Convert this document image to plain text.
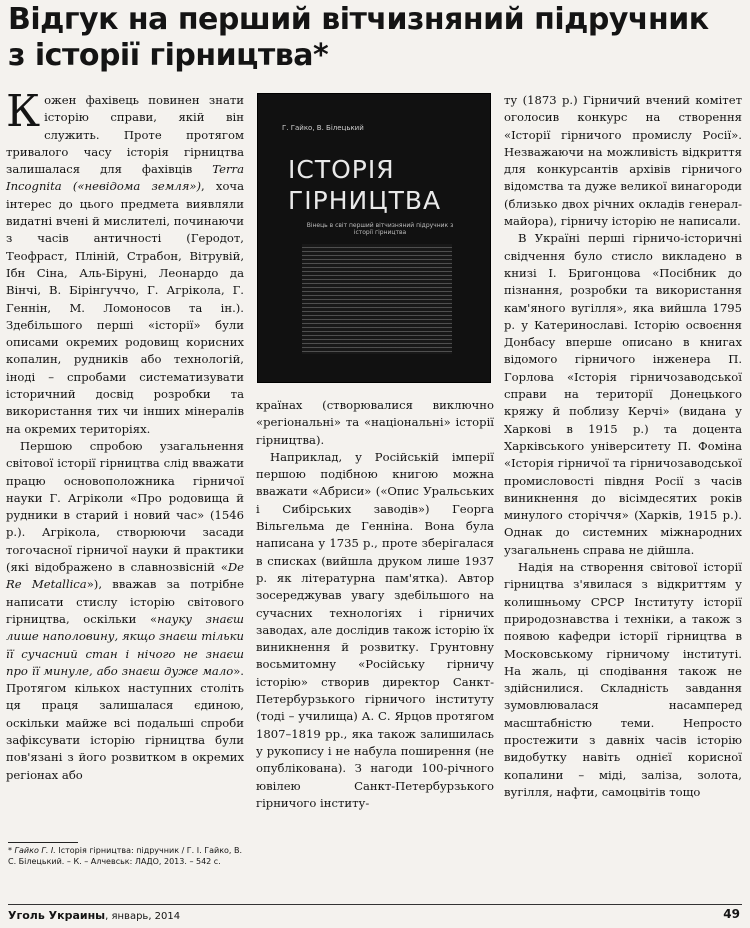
Відгук на перший вітчизняний підручник
з історії гірництва*

Кожен фахівець повинен знати історію справи, якій він служить. Проте протягом тривалого часу історія гірництва залишалася для фахівців Terra Incognita («невідома земля»), хоча інтерес до цього предмета виявляли видатні вчені й мислителі, починаючи з часів античності (Геродот, Теофраст, Пліній, Страбон, Вітрувій, Ібн Сіна, Аль-Біруні, Леонардо да Вінчі, В. Бірінгуччо, Г. Агрікола, Г. Геннін, М. Ломоносов та ін.). Здебільшого перші «історії» були описами окремих родовищ корисних копалин, рудників або технологій, іноді – спробами систематизувати історичний досвід розробки та використання тих чи інших мінералів на окремих територіях.

Першою спробою узагальнення світової історії гірництва слід вважати працю основоположника гірничої науки Г. Агріколи «Про родовища й рудники в старий і новий час» (1546 р.). Агрікола, створюючи засади тогочасної гірничої науки й практики (які відображено в славнозвісній «De Re Metallica»), вважав за потрібне написати стислу історію світового гірництва, оскільки «науку знаєш лише наполовину, якщо знаєш тільки її сучасний стан і нічого не знаєш про її минуле, або знаєш дуже мало». Протягом кількох наступних століть ця праця залишалася єдиною, оскільки майже всі подальші спроби зафіксувати історію гірництва були пов'язані з його розвитком в окремих регіонах або

Г. Гайко, В. Білецький
ІСТОРІЯ
ГІРНИЦТВА
Вінець в світ перший вітчизняний підручник з історії гірництва

країнах (створювалися виключно «регіональні» та «національні» історії гірництва).

Наприклад, у Російській імперії першою подібною книгою можна вважати «Абриси» («Опис Уральських і Сибірських заводів») Георга Вільгельма де Генніна. Вона була написана у 1735 р., проте зберігалася в списках (вийшла друком лише 1937 р. як літературна пам'ятка). Автор зосереджував увагу здебільшого на сучасних технологіях і гірничих заводах, але дослідив також історію їх виникнення й розвитку. Грунтовну восьмитомну «Російську гірничу історію» створив директор Санкт-Петербурзького гірничого інституту (тоді – училища) А. С. Ярцов протягом 1807–1819 рр., яка також залишилась у рукопису і не набула поширення (не опублікована). З нагоди 100-річного ювілею Санкт-Петербурзького гірничого інститу-

ту (1873 р.) Гірничий вчений комітет оголосив конкурс на створення «Історії гірничого промислу Росії». Незважаючи на можливість відкриття для конкурсантів архівів гірничого відомства та дуже великої винагороди (близько двох річних окладів генерал-майора), гірничу історію не написали.

В Україні перші гірничо-історичні свідчення було стисло викладено в книзі І. Бригонцова «Посібник до пізнання, розробки та використання кам'яного вугілля», яка вийшла 1795 р. у Катеринославі. Історію освоєння Донбасу вперше описано в книгах відомого гірничого інженера П. Горлова «Історія гірничозаводської справи на території Донецького кряжу й поблизу Керчі» (видана у Харкові в 1915 р.) та доцента Харківського університету П. Фоміна «Історія гірничої та гірничозаводської промисловості півдня Росії з часів виникнення до вісімдесятих років минулого сторіччя» (Харків, 1915 р.). Однак до системних міжнародних узагальнень справа не дійшла.

Надія на створення світової історії гірництва з'явилася з відкриттям у колишньому СРСР Інституту історії природознавства і техніки, а також з появою кафедри історії гірництва в Московському гірничому інституті. На жаль, ці сподівання також не здійснилися. Складність завдання зумовлювалася насамперед масштабністю теми. Непросто простежити з давніх часів історію видобутку навіть однієї корисної копалини – міді, заліза, золота, вугілля, нафти, самоцвітів тощо

* Гайко Г. І. Історія гірництва: підручник / Г. І. Гайко, В. С. Білецький. – К. – Алчевськ: ЛАДО, 2013. – 542 с.
Уголь Украины, январь, 2014	49
